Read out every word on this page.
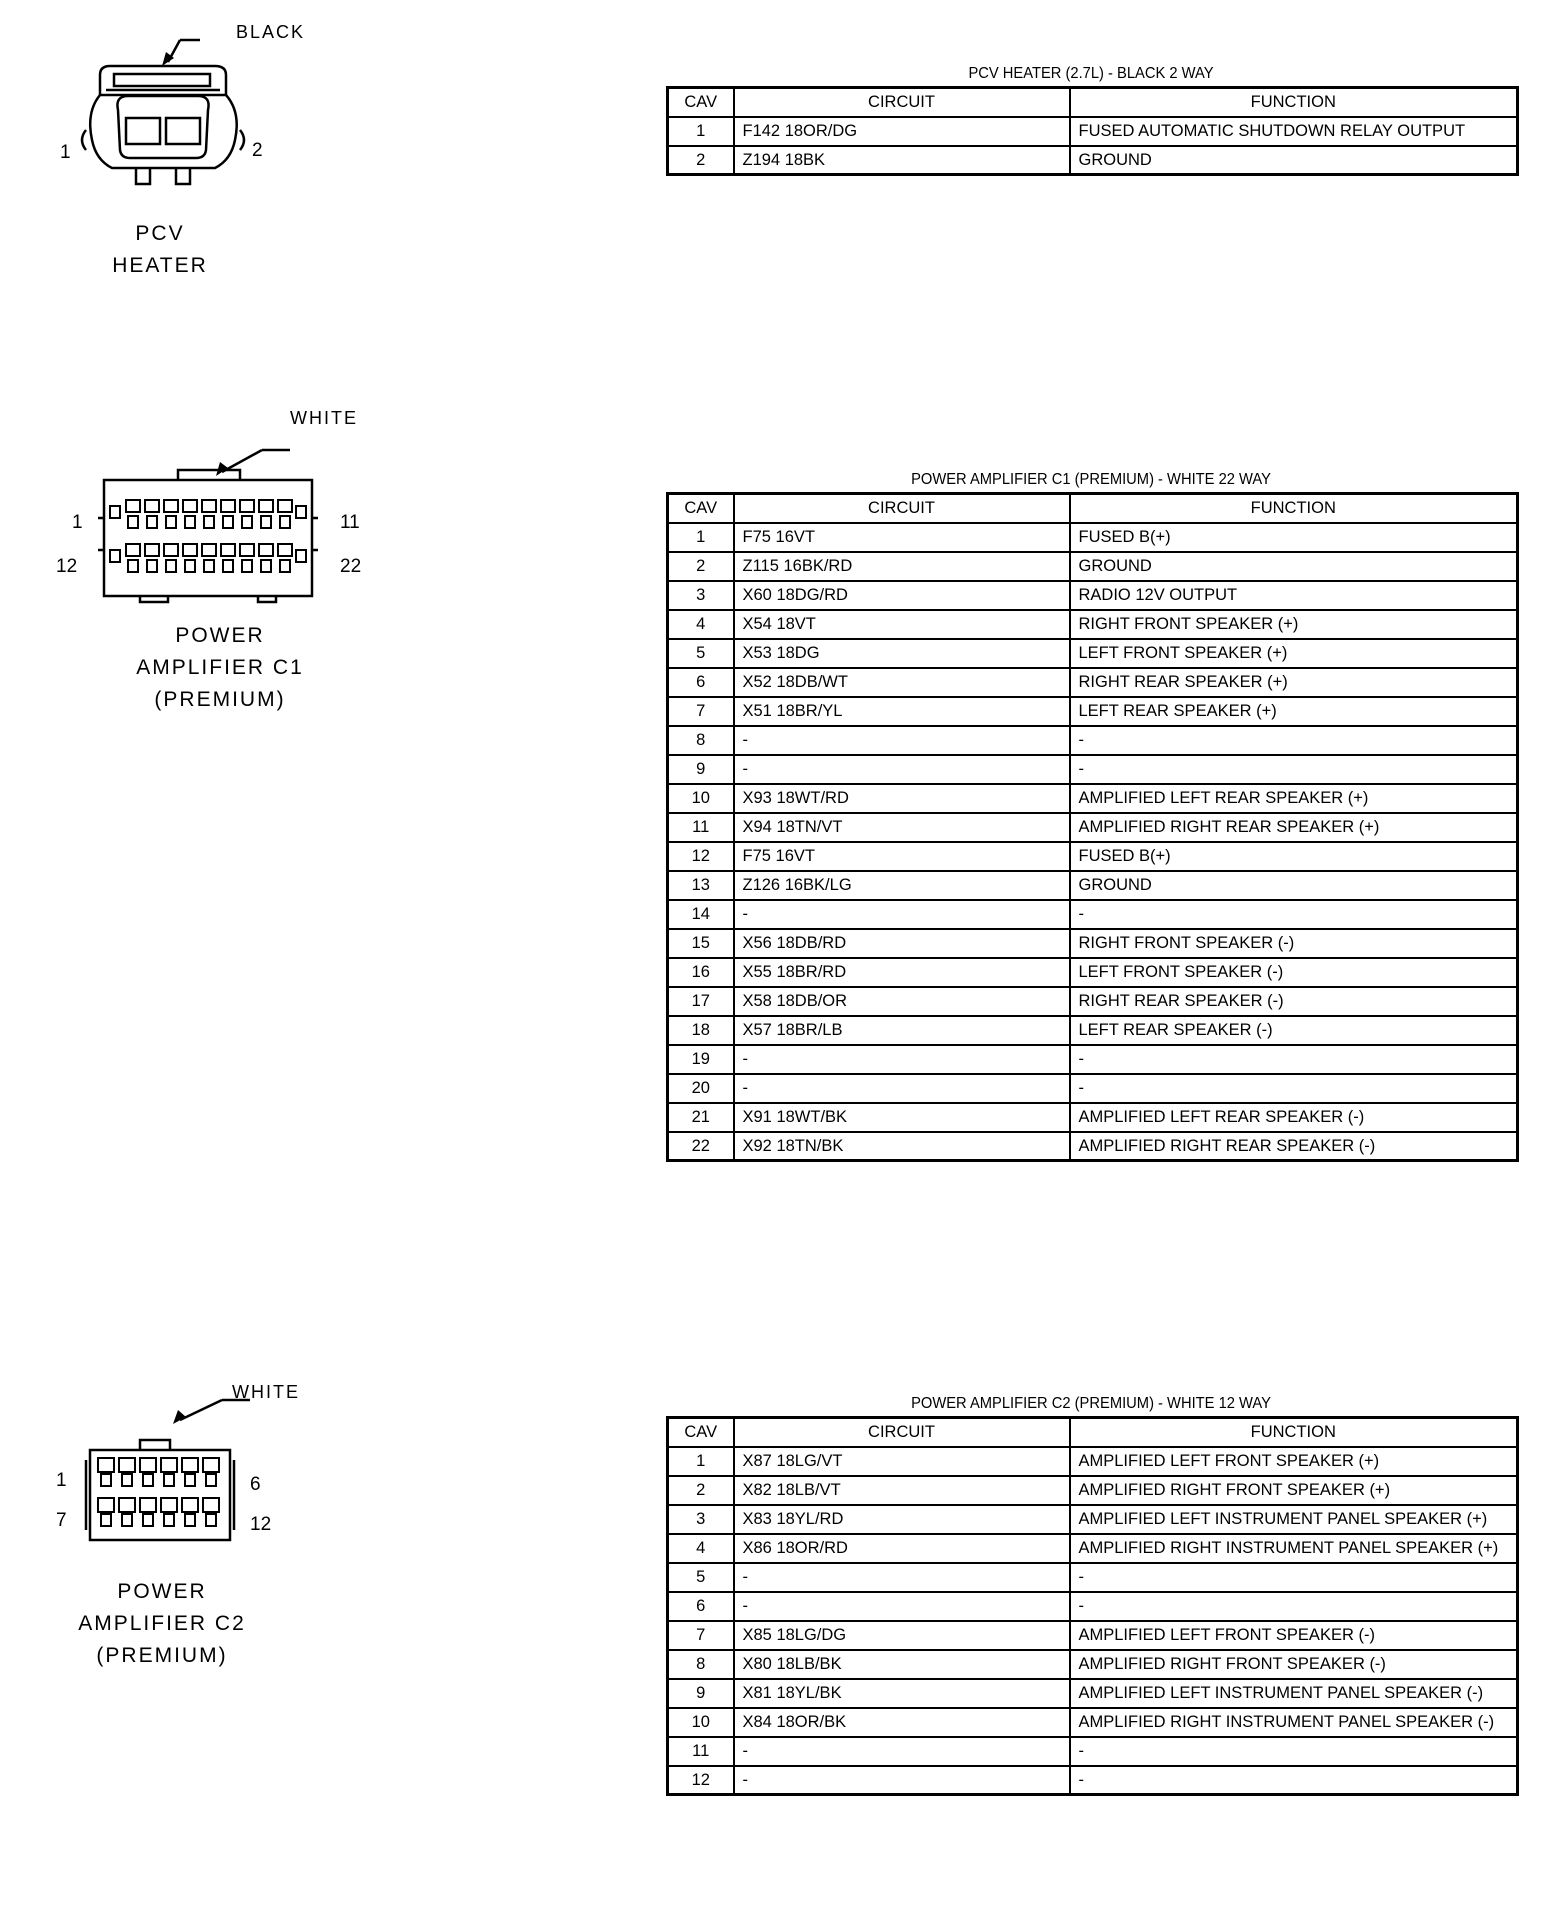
BLACK
1	2
PCV
HEATER
WHITE
1	11
12	22
POWER
AMPLIFIER C1
(PREMIUM)
WHITE
1	6
7	12
POWER
AMPLIFIER C2
(PREMIUM)
PCV HEATER (2.7L) - BLACK 2 WAY
CAV	CIRCUIT	FUNCTION
1	F142 18OR/DG	FUSED AUTOMATIC SHUTDOWN RELAY OUTPUT
2	Z194 18BK	GROUND
POWER AMPLIFIER C1 (PREMIUM) - WHITE 22 WAY
CAV	CIRCUIT	FUNCTION
1	F75 16VT	FUSED B(+)
2	Z115 16BK/RD	GROUND
3	X60 18DG/RD	RADIO 12V OUTPUT
4	X54 18VT	RIGHT FRONT SPEAKER (+)
5	X53 18DG	LEFT FRONT SPEAKER (+)
6	X52 18DB/WT	RIGHT REAR SPEAKER (+)
7	X51 18BR/YL	LEFT REAR SPEAKER (+)
8	-	-
9	-	-
10	X93 18WT/RD	AMPLIFIED LEFT REAR SPEAKER (+)
11	X94 18TN/VT	AMPLIFIED RIGHT REAR SPEAKER (+)
12	F75 16VT	FUSED B(+)
13	Z126 16BK/LG	GROUND
14	-	-
15	X56 18DB/RD	RIGHT FRONT SPEAKER (-)
16	X55 18BR/RD	LEFT FRONT SPEAKER (-)
17	X58 18DB/OR	RIGHT REAR SPEAKER (-)
18	X57 18BR/LB	LEFT REAR SPEAKER (-)
19	-	-
20	-	-
21	X91 18WT/BK	AMPLIFIED LEFT REAR SPEAKER (-)
22	X92 18TN/BK	AMPLIFIED RIGHT REAR SPEAKER (-)
POWER AMPLIFIER C2 (PREMIUM) - WHITE 12 WAY
CAV	CIRCUIT	FUNCTION
1	X87 18LG/VT	AMPLIFIED LEFT FRONT SPEAKER (+)
2	X82 18LB/VT	AMPLIFIED RIGHT FRONT SPEAKER (+)
3	X83 18YL/RD	AMPLIFIED LEFT INSTRUMENT PANEL SPEAKER (+)
4	X86 18OR/RD	AMPLIFIED RIGHT INSTRUMENT PANEL SPEAKER (+)
5	-	-
6	-	-
7	X85 18LG/DG	AMPLIFIED LEFT FRONT SPEAKER (-)
8	X80 18LB/BK	AMPLIFIED RIGHT FRONT SPEAKER (-)
9	X81 18YL/BK	AMPLIFIED LEFT INSTRUMENT PANEL SPEAKER (-)
10	X84 18OR/BK	AMPLIFIED RIGHT INSTRUMENT PANEL SPEAKER (-)
11	-	-
12	-	-
